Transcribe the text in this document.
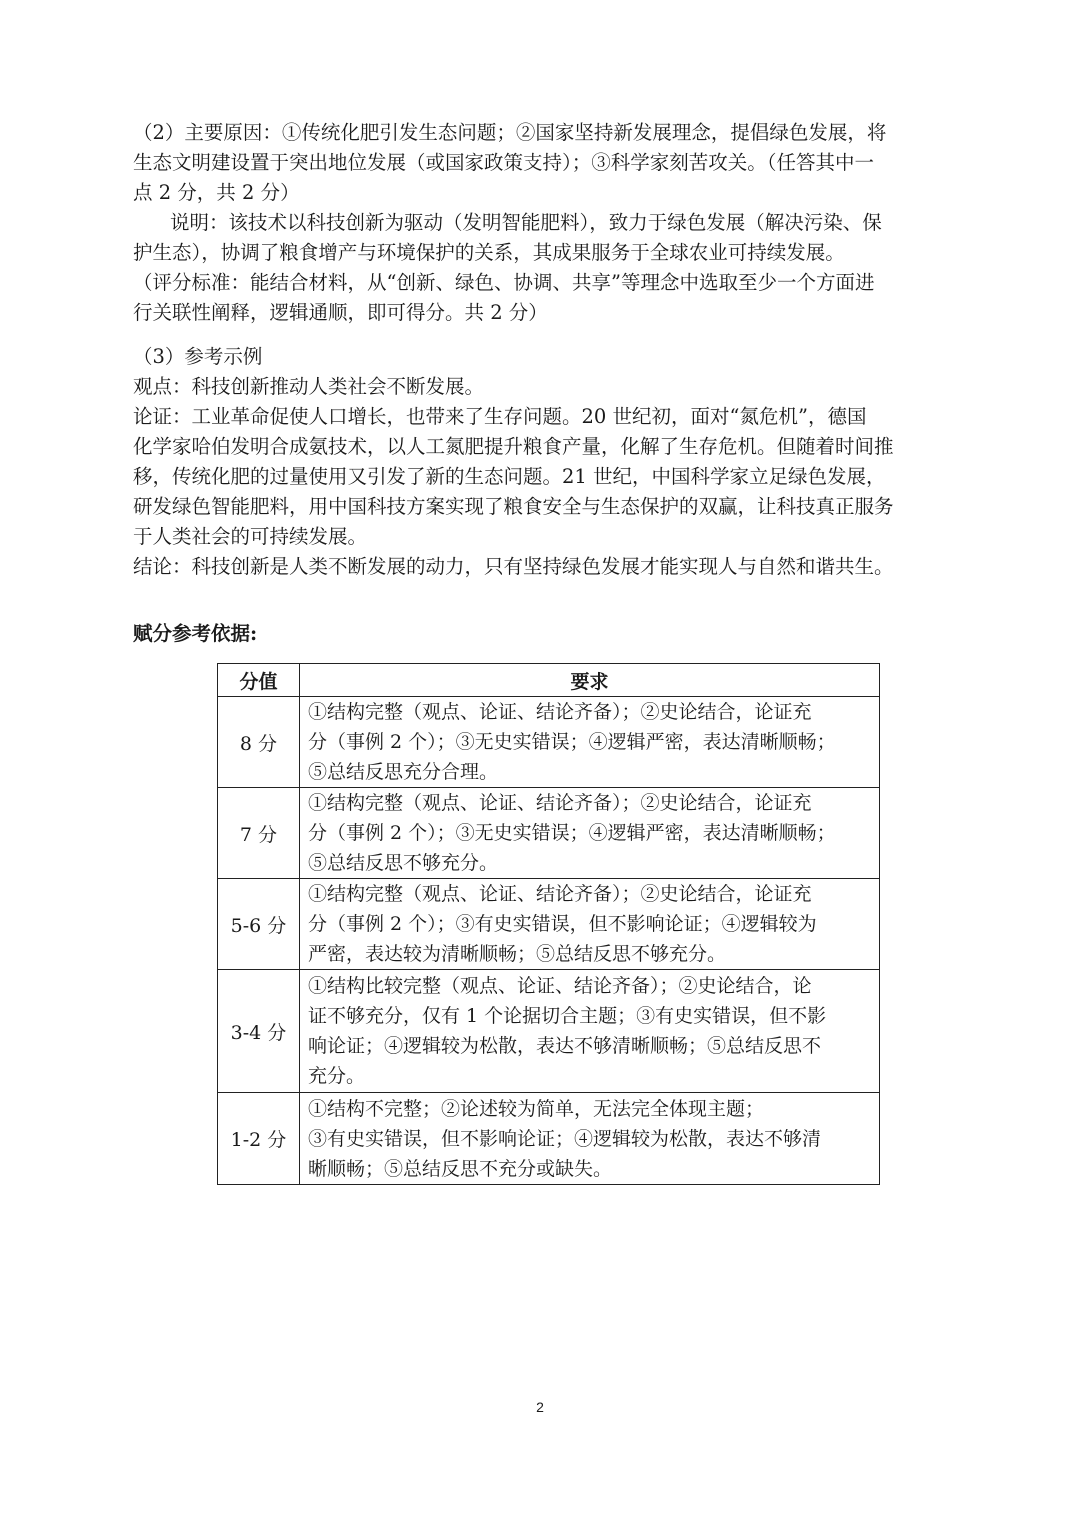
（2）主要原因：①传统化肥引发生态问题；②国家坚持新发展理念，提倡绿色发展，将
生态文明建设置于突出地位发展（或国家政策支持）；③科学家刻苦攻关。（任答其中一
点 2 分，共 2 分）
说明：该技术以科技创新为驱动（发明智能肥料），致力于绿色发展（解决污染、保
护生态），协调了粮食增产与环境保护的关系，其成果服务于全球农业可持续发展。
（评分标准：能结合材料，从“创新、绿色、协调、共享”等理念中选取至少一个方面进
行关联性阐释，逻辑通顺，即可得分。共 2 分）
（3）参考示例
观点：科技创新推动人类社会不断发展。
论证：工业革命促使人口增长，也带来了生存问题。20 世纪初，面对“氮危机”，德国
化学家哈伯发明合成氨技术，以人工氮肥提升粮食产量，化解了生存危机。但随着时间推
移，传统化肥的过量使用又引发了新的生态问题。21 世纪，中国科学家立足绿色发展，
研发绿色智能肥料，用中国科技方案实现了粮食安全与生态保护的双赢，让科技真正服务
于人类社会的可持续发展。
结论：科技创新是人类不断发展的动力，只有坚持绿色发展才能实现人与自然和谐共生。
赋分参考依据:
分值	要求
8 分	①结构完整（观点、论证、结论齐备）；②史论结合，论证充
分（事例 2 个）；③无史实错误；④逻辑严密，表达清晰顺畅；
⑤总结反思充分合理。

7 分	①结构完整（观点、论证、结论齐备）；②史论结合，论证充
分（事例 2 个）；③无史实错误；④逻辑严密，表达清晰顺畅；
⑤总结反思不够充分。

5-6 分	①结构完整（观点、论证、结论齐备）；②史论结合，论证充
分（事例 2 个）；③有史实错误，但不影响论证；④逻辑较为
严密，表达较为清晰顺畅；⑤总结反思不够充分。

3-4 分	①结构比较完整（观点、论证、结论齐备）；②史论结合，论
证不够充分，仅有 1 个论据切合主题；③有史实错误，但不影
响论证；④逻辑较为松散，表达不够清晰顺畅；⑤总结反思不
充分。

1-2 分	①结构不完整；②论述较为简单，无法完全体现主题；
③有史实错误，但不影响论证；④逻辑较为松散，表达不够清
晰顺畅；⑤总结反思不充分或缺失。
2
